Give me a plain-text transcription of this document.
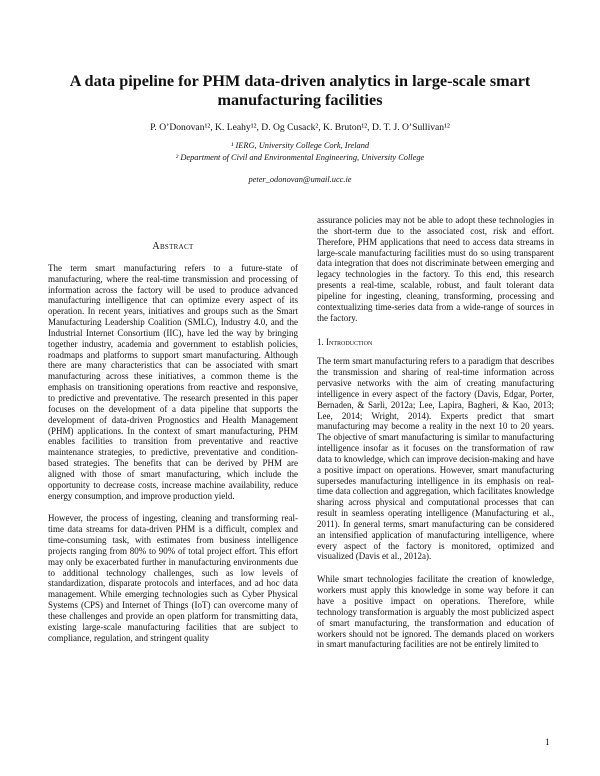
A data pipeline for PHM data-driven analytics in large-scale smart manufacturing facilities
P. O’Donovan¹², K. Leahy¹², D. Og Cusack², K. Bruton¹², D. T. J. O’Sullivan¹²
¹ IERG, University College Cork, Ireland
² Department of Civil and Environmental Engineering, University College
peter_odonovan@umail.ucc.ie
Abstract

The term smart manufacturing refers to a future-state of manufacturing, where the real-time transmission and processing of information across the factory will be used to produce advanced manufacturing intelligence that can optimize every aspect of its operation. In recent years, initiatives and groups such as the Smart Manufacturing Leadership Coalition (SMLC), Industry 4.0, and the Industrial Internet Consortium (IIC), have led the way by bringing together industry, academia and government to establish policies, roadmaps and platforms to support smart manufacturing. Although there are many characteristics that can be associated with smart manufacturing across these initiatives, a common theme is the emphasis on transitioning operations from reactive and responsive, to predictive and preventative. The research presented in this paper focuses on the development of a data pipeline that supports the development of data-driven Prognostics and Health Management (PHM) applications. In the context of smart manufacturing, PHM enables facilities to transition from preventative and reactive maintenance strategies, to predictive, preventative and condition-based strategies. The benefits that can be derived by PHM are aligned with those of smart manufacturing, which include the opportunity to decrease costs, increase machine availability, reduce energy consumption, and improve production yield.

However, the process of ingesting, cleaning and transforming real-time data streams for data-driven PHM is a difficult, complex and time-consuming task, with estimates from business intelligence projects ranging from 80% to 90% of total project effort. This effort may only be exacerbated further in manufacturing environments due to additional technology challenges, such as low levels of standardization, disparate protocols and interfaces, and ad hoc data management. While emerging technologies such as Cyber Physical Systems (CPS) and Internet of Things (IoT) can overcome many of these challenges and provide an open platform for transmitting data, existing large-scale manufacturing facilities that are subject to compliance, regulation, and stringent quality

assurance policies may not be able to adopt these technologies in the short-term due to the associated cost, risk and effort. Therefore, PHM applications that need to access data streams in large-scale manufacturing facilities must do so using transparent data integration that does not discriminate between emerging and legacy technologies in the factory. To this end, this research presents a real-time, scalable, robust, and fault tolerant data pipeline for ingesting, cleaning, transforming, processing and contextualizing time-series data from a wide-range of sources in the factory.

1. Introduction

The term smart manufacturing refers to a paradigm that describes the transmission and sharing of real-time information across pervasive networks with the aim of creating manufacturing intelligence in every aspect of the factory (Davis, Edgar, Porter, Bernaden, & Sarli, 2012a; Lee, Lapira, Bagheri, & Kao, 2013; Lee, 2014; Wright, 2014). Experts predict that smart manufacturing may become a reality in the next 10 to 20 years. The objective of smart manufacturing is similar to manufacturing intelligence insofar as it focuses on the transformation of raw data to knowledge, which can improve decision-making and have a positive impact on operations. However, smart manufacturing supersedes manufacturing intelligence in its emphasis on real-time data collection and aggregation, which facilitates knowledge sharing across physical and computational processes that can result in seamless operating intelligence (Manufacturing et al., 2011). In general terms, smart manufacturing can be considered an intensified application of manufacturing intelligence, where every aspect of the factory is monitored, optimized and visualized (Davis et al., 2012a).

While smart technologies facilitate the creation of knowledge, workers must apply this knowledge in some way before it can have a positive impact on operations. Therefore, while technology transformation is arguably the most publicized aspect of smart manufacturing, the transformation and education of workers should not be ignored. The demands placed on workers in smart manufacturing facilities are not be entirely limited to

1
